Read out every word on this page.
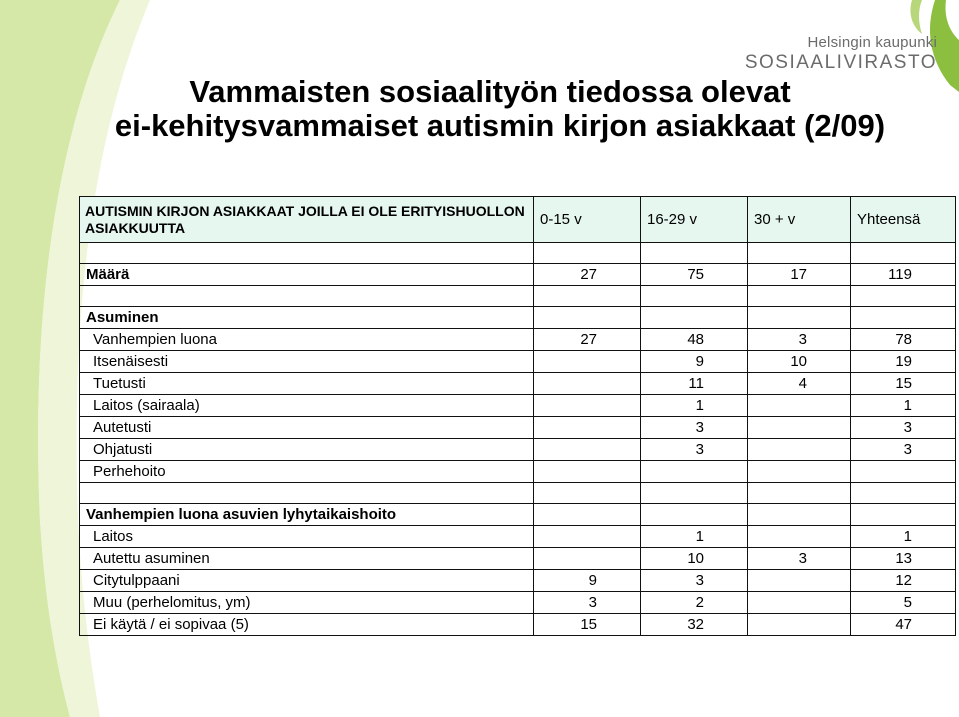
Helsingin kaupunki
SOSIAALIVIRASTO
Vammaisten sosiaalityön tiedossa olevat
ei-kehitysvammaiset autismin kirjon asiakkaat (2/09)
AUTISMIN KIRJON ASIAKKAAT JOILLA EI OLE ERITYISHUOLLON ASIAKKUUTTA	0-15 v	16-29 v	30 + v	Yhteensä

Määrä	27	75	17	119

Asuminen				
Vanhempien luona	27	48	3	78
Itsenäisesti		9	10	19
Tuetusti		11	4	15
Laitos (sairaala)		1		1
Autetusti		3		3
Ohjatusti		3		3
Perhehoito				

Vanhempien luona asuvien lyhytaikaishoito				
Laitos		1		1
Autettu asuminen		10	3	13
Citytulppaani	9	3		12
Muu (perhelomitus, ym)	3	2		5
Ei käytä / ei sopivaa (5)	15	32		47
